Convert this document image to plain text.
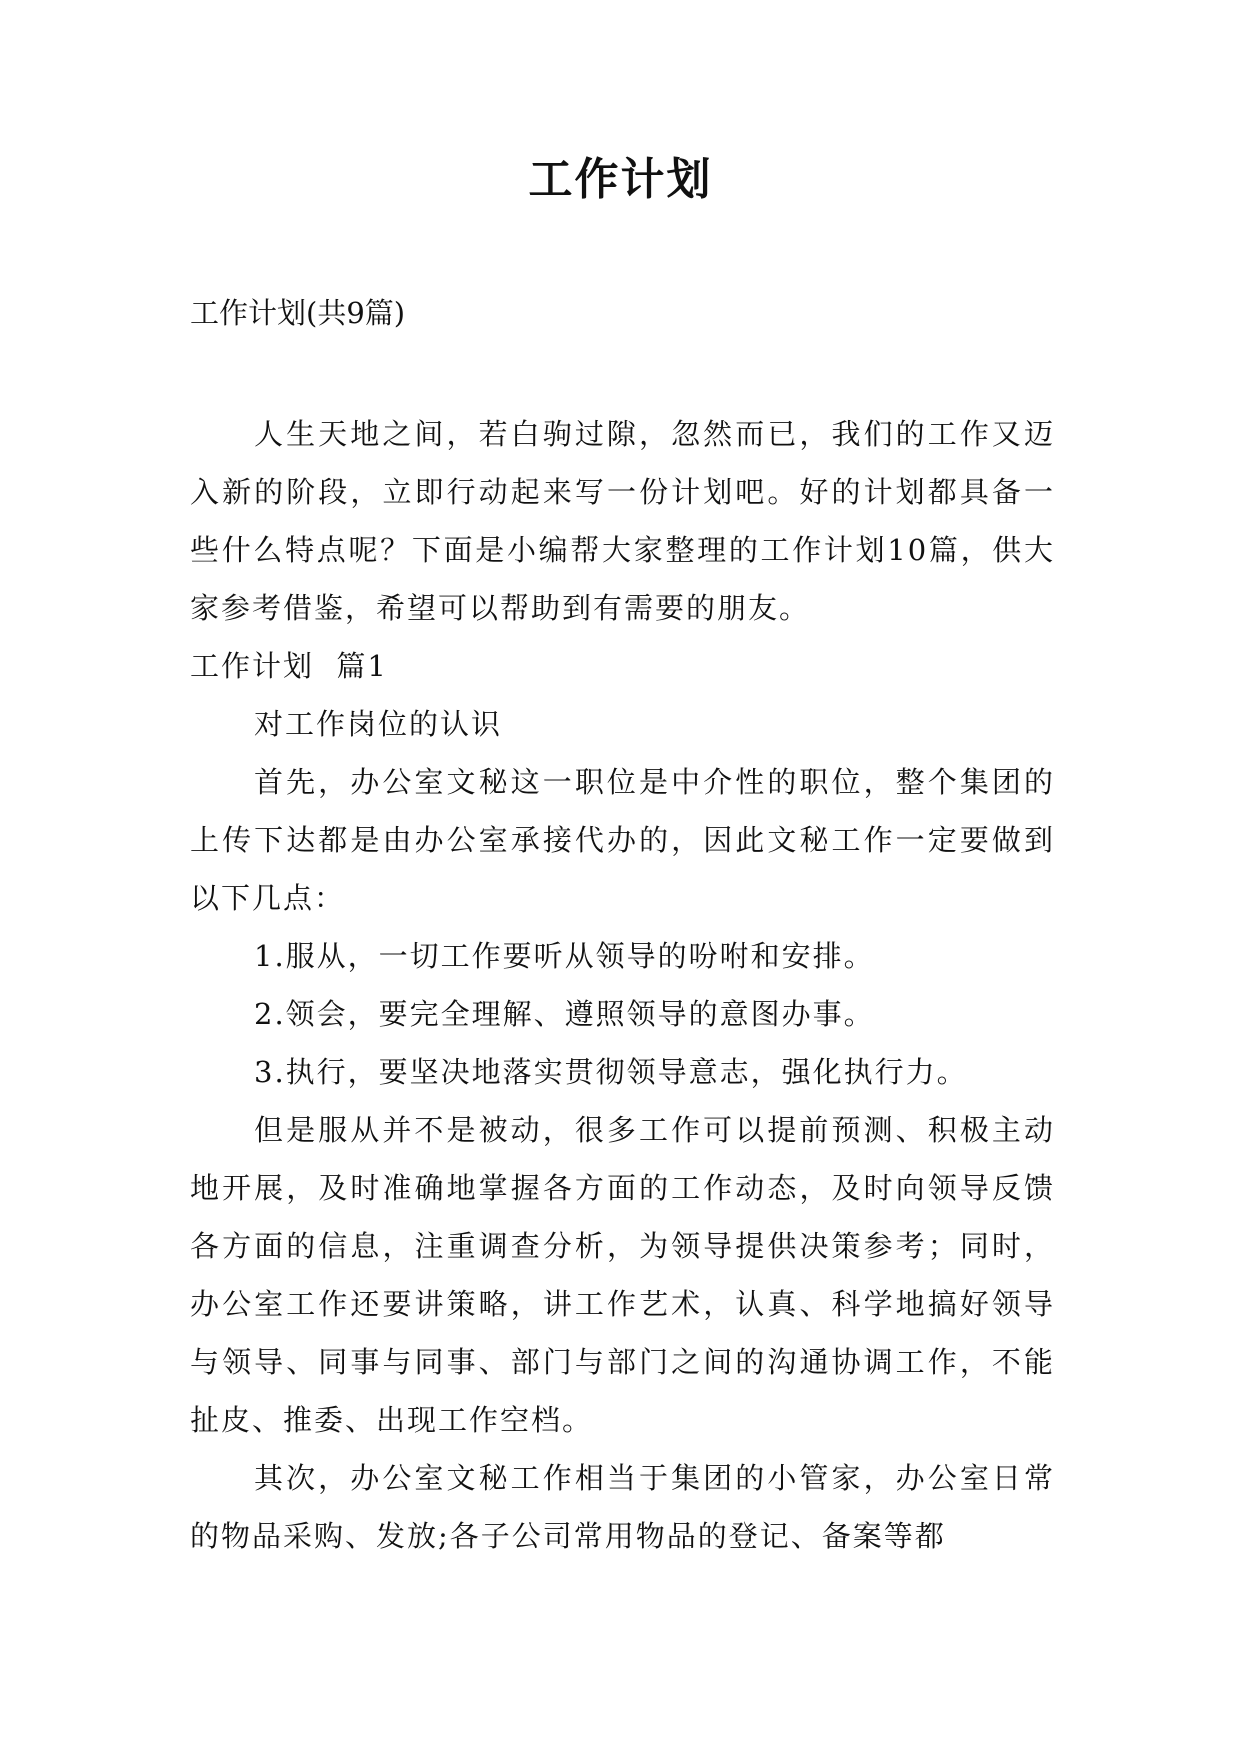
工作计划
工作计划(共9篇)

人生天地之间，若白驹过隙，忽然而已，我们的工作又迈入新的阶段，立即行动起来写一份计划吧。好的计划都具备一些什么特点呢？下面是小编帮大家整理的工作计划10篇，供大家参考借鉴，希望可以帮助到有需要的朋友。

工作计划  篇1

对工作岗位的认识

首先，办公室文秘这一职位是中介性的职位，整个集团的上传下达都是由办公室承接代办的，因此文秘工作一定要做到以下几点：

1.服从，一切工作要听从领导的吩咐和安排。

2.领会，要完全理解、遵照领导的意图办事。

3.执行，要坚决地落实贯彻领导意志，强化执行力。

但是服从并不是被动，很多工作可以提前预测、积极主动地开展，及时准确地掌握各方面的工作动态，及时向领导反馈各方面的信息，注重调查分析，为领导提供决策参考；同时，办公室工作还要讲策略，讲工作艺术，认真、科学地搞好领导与领导、同事与同事、部门与部门之间的沟通协调工作，不能扯皮、推委、出现工作空档。

其次，办公室文秘工作相当于集团的小管家，办公室日常的物品采购、发放;各子公司常用物品的登记、备案等都
